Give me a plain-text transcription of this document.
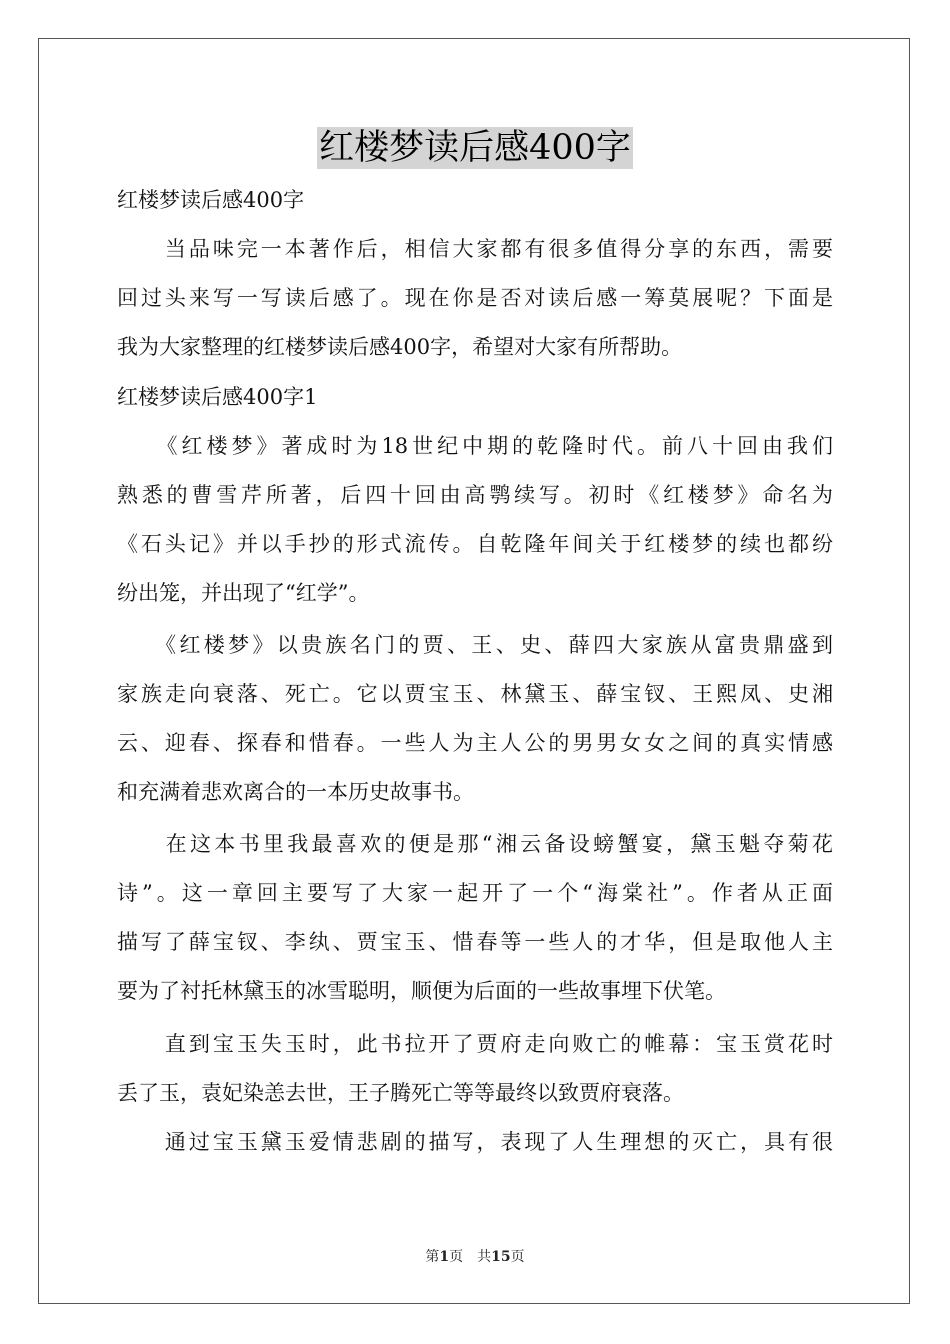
红楼梦读后感400字
红楼梦读后感400字
　　当品味完一本著作后，相信大家都有很多值得分享的东西，需要
回过头来写一写读后感了。现在你是否对读后感一筹莫展呢？下面是
我为大家整理的红楼梦读后感400字，希望对大家有所帮助。
红楼梦读后感400字1
　　《红楼梦》著成时为18世纪中期的乾隆时代。前八十回由我们
熟悉的曹雪芹所著，后四十回由高鹗续写。初时《红楼梦》命名为
《石头记》并以手抄的形式流传。自乾隆年间关于红楼梦的续也都纷
纷出笼，并出现了“红学”。
　　《红楼梦》以贵族名门的贾、王、史、薛四大家族从富贵鼎盛到
家族走向衰落、死亡。它以贾宝玉、林黛玉、薛宝钗、王熙凤、史湘
云、迎春、探春和惜春。一些人为主人公的男男女女之间的真实情感
和充满着悲欢离合的一本历史故事书。
　　在这本书里我最喜欢的便是那“湘云备设螃蟹宴，黛玉魁夺菊花
诗”。这一章回主要写了大家一起开了一个“海棠社”。作者从正面
描写了薛宝钗、李纨、贾宝玉、惜春等一些人的才华，但是取他人主
要为了衬托林黛玉的冰雪聪明，顺便为后面的一些故事埋下伏笔。
　　直到宝玉失玉时，此书拉开了贾府走向败亡的帷幕：宝玉赏花时
丢了玉，袁妃染恙去世，王子腾死亡等等最终以致贾府衰落。
　　通过宝玉黛玉爱情悲剧的描写，表现了人生理想的灭亡，具有很
第1页 共15页
